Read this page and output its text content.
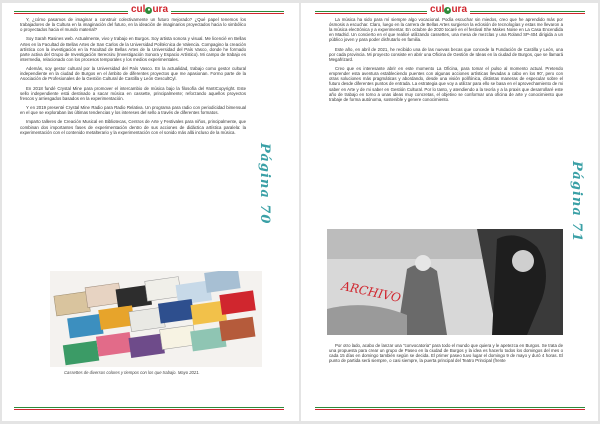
cul ● ura

Y, ¿cómo pasamos de imaginar a construir colectivamente un futuro mejorado? ¿Qué papel tenemos los trabajadores de la Cultura en la imaginación del futuro, en la ideación de imaginarios proyectados hacia lo simbólico o proyectados hacia el mundo material?

Soy Sarah Rasines web. Actualmente, vivo y trabajo en Burgos. Soy artista sonora y visual. Me licencié en Bellas Artes en la Facultad de Bellas Artes de San Carlos de la Universidad Politécnica de Valencia. Compagino la creación artística con la investigación en la Facultad de Bellas Artes de la Universidad del País Vasco, donde he formado parte activa del Grupo de Investigación Iterecsiru (Investigación Sonora y Espacio Artístico). Mi campo de trabajo es intermedia, relacionado con los procesos temporales y los medios experimentales.

Además, soy gestor cultural por la Universidad del País Vasco. En la actualidad, trabajo como gestor cultural independiente en la ciudad de Burgos en el ámbito de diferentes proyectos que me apasionan. Formo parte de la Asociación de Profesionales de la Gestión Cultural de Castilla y León GescultCyl.

En 2018 fundé Crystal Mine para promover el intercambio de música bajo la filosofía del #antICopyright. Este sello independiente está destinado a sacar música en cassette, principalmente; reforzando aquellos proyectos frescos y arriesgados basados en la experimentación.

Y en 2019 presenté Crystal Mine Radio para Radio Relativa. Un programa para radio con periodicidad bimensual en el que se exploraban las últimas tendencias y los intereses del sello a través de diferentes formatos.

Imparto talleres de Creación Musical en Bibliotecas, Centros de Arte y Festivales para niños, principalmente, que combinan dos importantes fases de experimentación dentro de sus acciones de didáctica artística paralela: la experimentación con el contenido metalterario y la experimentación con el sonido más allá incluso de la música.

Página 70
Cassettes de diversos colores y tiempos con los que trabajo. Mayo 2021.
cul ● ura

La música ha sido para mí siempre algo vocacional. Podía escuchar sin miedos, creo que he aprendido más por ósmosis a escuchar. Claro, luego en la carrera de Bellas Artes surgieron la eclosión de tecnologías y estas me llevaron a la música electrónica y a experimentar. En octubre de 2020 tocaré en el festival She Makes Noise en La Casa Encendida en Madrid. Un concierto en el que realicé utilizando cassettes, una mesa de mezclas y una Roland SP-404 dirigida a un público joven y para poder disfrutarlo en familia.

Este año, en abril de 2021, he recibido una de las nuevas becas que concede la Fundación de Castilla y León, una por cada provincia. Mi proyecto consiste en abrir una Oficina de Gestión de Ideas en la ciudad de Burgos, que se llamará Megafrizard.

Creo que es interesante abrir en este momento La Oficina, para tomar el pulso al momento actual. Pretendo emprender esta aventura estableciendo puentes con algunas acciones artísticas llevadas a cabo en los 90', pero con otras soluciones más pragmáticas y abordando, desde una visión polifónica, distintas maneras de especular sobre el futuro desde diferentes puntos de entrada. La estrategia que voy a utilizar para ello se basa en el aprovechamiento de mi saber en Arte y de mi saber en Gestión Cultural. Por lo tanto, y atendiendo a la teoría y a la praxis que desarrollaré este año de trabajo en torno a unas ideas muy concretas, el objetivo se conformar una oficina de arte y conocimiento que trabaje de forma autónoma, sostenible y genere conocimiento.

Página 71
ARCHIVO

Por otro lado, acabo de lanzar una "convocatoria" para todo el mundo que quiera y le apetezca en Burgos. Se trata de una propuesta para crear un grupo de Paseo en la ciudad de Burgos y la idea es hacerlo todos los domingos del mes o cada 15 días en domingo también según se decida. El primer paseo tuvo lugar el domingo 9 de mayo y duró 4 horas. El punto de partida será siempre, o casi siempre, la puerta principal del Teatro Principal (frente
